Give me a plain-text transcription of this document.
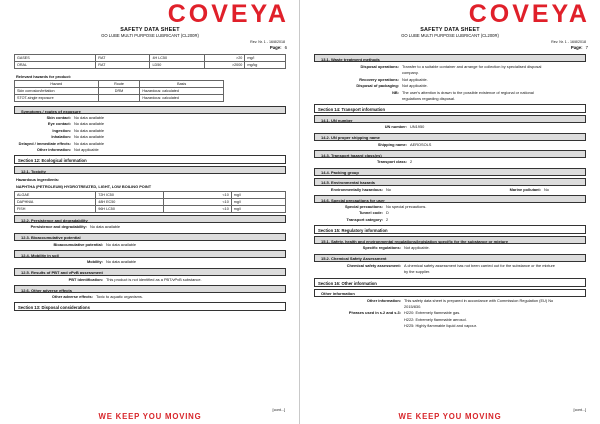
COVEYA
SAFETY DATA SHEET
GO LUBE MULTI PURPOSE LUBRICANT (CL200R)
Rev. Nr. 1 - 16/8/2018
Page: 6
GASES	RAT	4H LC50	>20	mg/l
ORAL	RAT	LD50	>2000	mg/kg
Relevant hazards for product:
Hazard	Route	Basis
Skin corrosion/irritation	DRM	Hazardous: calculated
STOT-single exposure		Hazardous: calculated
Symptoms / routes of exposure
Skin contact: No data available
Eye contact: No data available
Ingestion: No data available
Inhalation: No data available
Delayed / immediate effects: No data available
Other information: Not applicable
Section 12: Ecological information
12.1. Toxicity
Hazardous ingredients:
NAPHTHA (PETROLEUM) HYDROTREATED, LIGHT, LOW BOILING POINT
ALGAE	72H IC50	<10	mg/l
DAPHNIA	48H EC50	<10	mg/l
FISH	96H LC50	<10	mg/l
12.2. Persistence and degradability
Persistence and degradability: No data available
12.3. Bioaccumulative potential
Bioaccumulative potential: No data available
12.4. Mobility in soil
Mobility: No data available
12.5. Results of PBT and vPvB assessment
PBT identification: This product is not identified as a PBT/vPvB substance.
12.6. Other adverse effects
Other adverse effects: Toxic to aquatic organisms.
Section 13: Disposal considerations
[cont...]
WE KEEP YOU MOVING
COVEYA
SAFETY DATA SHEET
GO LUBE MULTI PURPOSE LUBRICANT (CL200R)
Rev. Nr. 1 - 16/8/2018
Page: 7
13.1. Waste treatment methods
Disposal operations: Transfer to a suitable container and arrange for collection by specialised disposal
company.
Recovery operations: Not applicable.
Disposal of packaging: Not applicable.
NB: The user's attention is drawn to the possible existence of regional or national
regulations regarding disposal.
Section 14: Transport information
14.1. UN number
UN number: UN1950
14.2. UN proper shipping name
Shipping name: AEROSOLS
14.3. Transport hazard class(es)
Transport class: 2
14.4. Packing group
14.5. Environmental hazards
Environmentally hazardous: No	Marine pollutant: No
14.6. Special precautions for user
Special precautions: No special precautions.
Tunnel code: D
Transport category: 2
Section 15: Regulatory information
15.1. Safety, health and environmental regulations/legislation specific for the substance or mixture
Specific regulations: Not applicable.
15.2. Chemical Safety Assessment
Chemical safety assessment: A chemical safety assessment has not been carried out for the substance or the mixture
by the supplier.
Section 16: Other information
Other information
Other information: This safety data sheet is prepared in accordance with Commission Regulation (EU) No
2015/830.
Phrases used in s.2 and s.3: H220: Extremely flammable gas.
H222: Extremely flammable aerosol.
H225: Highly flammable liquid and vapour.
[cont...]
WE KEEP YOU MOVING
